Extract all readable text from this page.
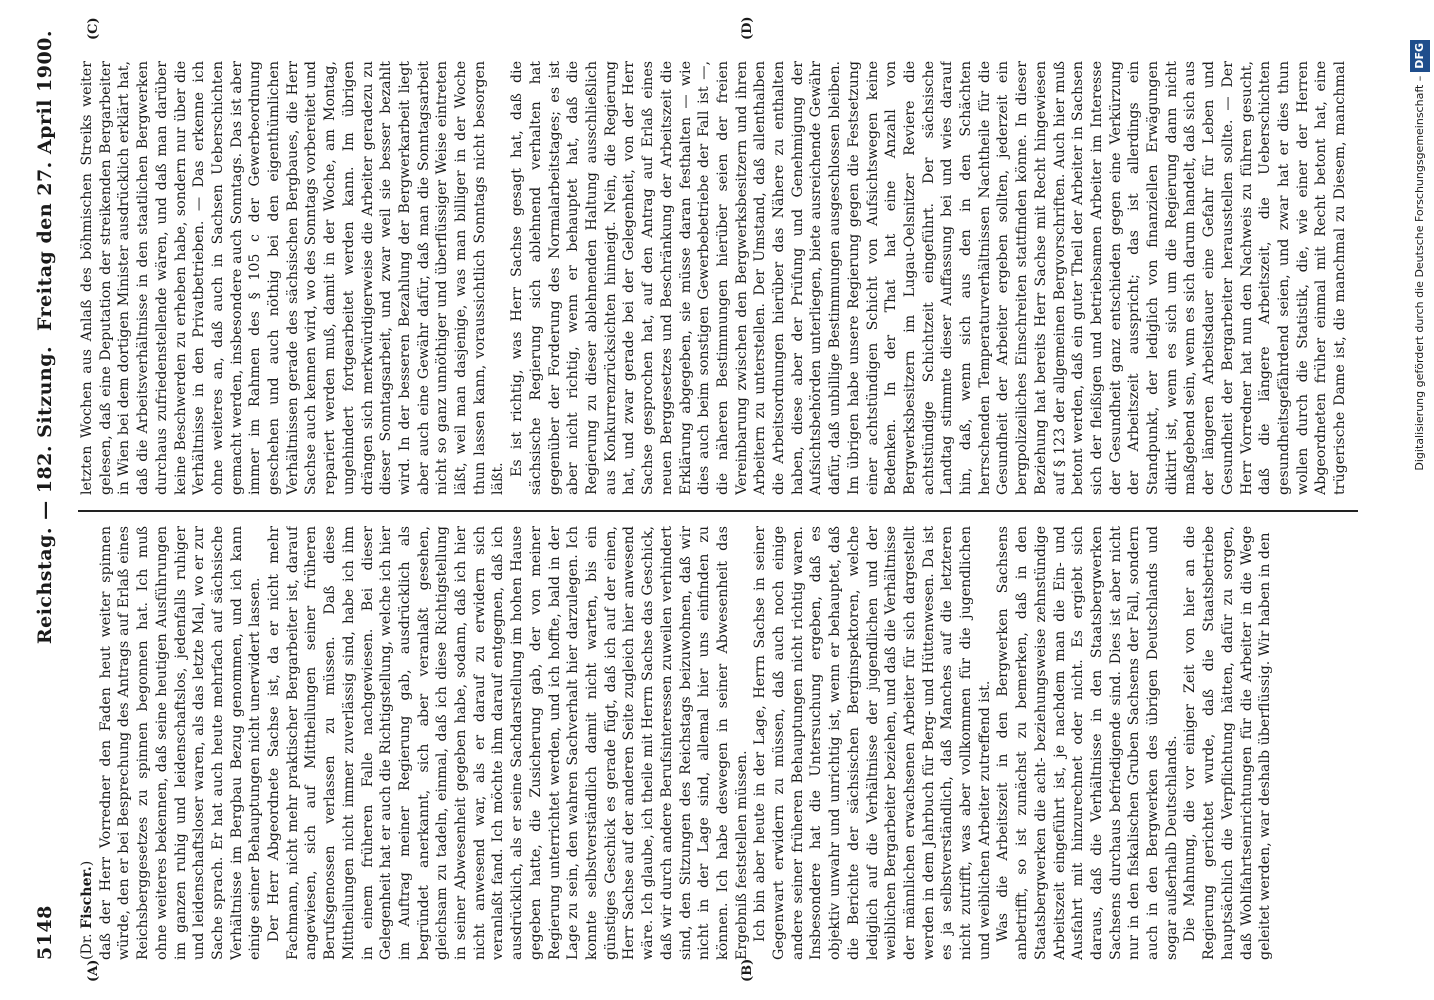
5148
Reichstag. — 182. Sitzung.
Freitag den 27. April 1900.

(Dr. Fischer.) daß der Herr Vorredner den Faden heut weiter spinnen würde, den er bei Besprechung des Antrags auf Erlaß eines Reichsberggesetzes zu spinnen begonnen hat. Ich muß ohne weiteres bekennen, daß seine heutigen Ausführungen im ganzen ruhig und leidenschaftslos, jedenfalls ruhiger und leidenschaftsloser waren, als das letzte Mal, wo er zur Sache sprach. Er hat auch heute mehrfach auf sächsische Verhältnisse im Bergbau Bezug genommen, und ich kann einige seiner Behauptungen nicht unerwidert lassen. Der Herr Abgeordnete Sachse ist, da er nicht mehr Fachmann, nicht mehr praktischer Bergarbeiter ist, darauf angewiesen, sich auf Mittheilungen seiner früheren Berufsgenossen verlassen zu müssen. Daß diese Mittheilungen nicht immer zuverlässig sind, habe ich ihm in einem früheren Falle nachgewiesen. Bei dieser Gelegenheit hat er auch die Richtigstellung, welche ich hier im Auftrag meiner Regierung gab, ausdrücklich als begründet anerkannt, sich aber veranlaßt gesehen, gleichsam zu tadeln, einmal, daß ich diese Richtigstellung in seiner Abwesenheit gegeben habe, sodann, daß ich hier nicht anwesend war, als er darauf zu erwidern sich veranlaßt fand. Ich möchte ihm darauf entgegnen, daß ich ausdrücklich, als er seine Sachdarstellung im hohen Hause gegeben hatte, die Zusicherung gab, der von meiner Regierung unterrichtet werden, und ich hoffte, bald in der Lage zu sein, den wahren Sachverhalt hier darzulegen. Ich konnte selbstverständlich damit nicht warten, bis ein günstiges Geschick es gerade fügt, daß ich auf der einen, Herr Sachse auf der anderen Seite zugleich hier anwesend wäre. Ich glaube, ich theile mit Herrn Sachse das Geschick, daß wir durch andere Berufsinteressen zuweilen verhindert sind, den Sitzungen des Reichstags beizuwohnen, daß wir nicht in der Lage sind, allemal hier uns einfinden zu können. Ich habe deswegen in seiner Abwesenheit das Ergebniß feststellen müssen. Ich bin aber heute in der Lage, Herrn Sachse in seiner Gegenwart erwidern zu müssen, daß auch noch einige andere seiner früheren Behauptungen nicht richtig waren. Insbesondere hat die Untersuchung ergeben, daß es objektiv unwahr und unrichtig ist, wenn er behauptet, daß die Berichte der sächsischen Berginspektoren, welche lediglich auf die Verhältnisse der jugendlichen und der weiblichen Bergarbeiter beziehen, und daß die Verhältnisse der männlichen erwachsenen Arbeiter für sich dargestellt werden in dem Jahrbuch für Berg- und Hüttenwesen. Da ist es ja selbstverständlich, daß Manches auf die letzteren nicht zutrifft, was aber vollkommen für die jugendlichen und weiblichen Arbeiter zutreffend ist. Was die Arbeitszeit in den Bergwerken Sachsens anbetrifft, so ist zunächst zu bemerken, daß in den Staatsbergwerken die acht- beziehungsweise zehnstündige Arbeitszeit eingeführt ist, je nachdem man die Ein- und Ausfahrt mit hinzurechnet oder nicht. Es ergiebt sich daraus, daß die Verhältnisse in den Staatsbergwerken Sachsens durchaus befriedigende sind. Dies ist aber nicht nur in den fiskalischen Gruben Sachsens der Fall, sondern auch in den Bergwerken des übrigen Deutschlands und sogar außerhalb Deutschlands. Die Mahnung, die vor einiger Zeit von hier an die Regierung gerichtet wurde, daß die Staatsbetriebe hauptsächlich die Verpflichtung hätten, dafür zu sorgen, daß Wohlfahrtseinrichtungen für die Arbeiter in die Wege geleitet werden, war deshalb überflüssig. Wir haben in den

letzten Wochen aus Anlaß des böhmischen Streiks weiter gelesen, daß eine Deputation der streikenden Bergarbeiter in Wien bei dem dortigen Minister ausdrücklich erklärt hat, daß die Arbeitsverhältnisse in den staatlichen Bergwerken durchaus zufriedenstellende wären, und daß man darüber keine Beschwerden zu erheben habe, sondern nur über die Verhältnisse in den Privatbetrieben. — Das erkenne ich ohne weiteres an, daß auch in Sachsen Ueberschichten gemacht werden, insbesondere auch Sonntags. Das ist aber immer im Rahmen des § 105 c der Gewerbeordnung geschehen und auch nöthig bei den eigenthümlichen Verhältnissen gerade des sächsischen Bergbaues, die Herr Sachse auch kennen wird, wo des Sonntags vorbereitet und repariert werden muß, damit in der Woche, am Montag, ungehindert fortgearbeitet werden kann. Im übrigen drängen sich merkwürdigerweise die Arbeiter geradezu zu dieser Sonntagsarbeit, und zwar weil sie besser bezahlt wird. In der besseren Bezahlung der Bergwerkarbeit liegt aber auch eine Gewähr dafür, daß man die Sonntagsarbeit nicht so ganz unnöthiger und überflüssiger Weise eintreten läßt, weil man dasjenige, was man billiger in der Woche thun lassen kann, voraussichtlich Sonntags nicht besorgen läßt. Es ist richtig, was Herr Sachse gesagt hat, daß die sächsische Regierung sich ablehnend verhalten hat gegenüber der Forderung des Normalarbeitstages; es ist aber nicht richtig, wenn er behauptet hat, daß die Regierung zu dieser ablehnenden Haltung ausschließlich aus Konkurrenzrücksichten hinneigt. Nein, die Regierung hat, und zwar gerade bei der Gelegenheit, von der Herr Sachse gesprochen hat, auf den Antrag auf Erlaß eines neuen Berggesetzes und Beschränkung der Arbeitszeit die Erklärung abgegeben, sie müsse daran festhalten — wie dies auch beim sonstigen Gewerbebetriebe der Fall ist —, die näheren Bestimmungen hierüber seien der freien Vereinbarung zwischen den Bergwerksbesitzern und ihren Arbeitern zu unterstellen. Der Umstand, daß allenthalben die Arbeitsordnungen hierüber das Nähere zu enthalten haben, diese aber der Prüfung und Genehmigung der Aufsichtsbehörden unterliegen, biete ausreichende Gewähr dafür, daß unbillige Bestimmungen ausgeschlossen bleiben. Im übrigen habe unsere Regierung gegen die Festsetzung einer achtstündigen Schicht von Aufsichtswegen keine Bedenken. In der That hat eine Anzahl von Bergwerksbesitzern im Lugau-Oelsnitzer Reviere die achtstündige Schichtzeit eingeführt. Der sächsische Landtag stimmte dieser Auffassung bei und wies darauf hin, daß, wenn sich aus den in den Schächten herrschenden Temperaturverhältnissen Nachtheile für die Gesundheit der Arbeiter ergeben sollten, jederzeit ein bergpolizeiliches Einschreiten stattfinden könne. In dieser Beziehung hat bereits Herr Sachse mit Recht hingewiesen auf § 123 der allgemeinen Bergvorschriften. Auch hier muß betont werden, daß ein guter Theil der Arbeiter in Sachsen sich der fleißigen und betriebsamen Arbeiter im Interesse der Gesundheit ganz entschieden gegen eine Verkürzung der Arbeitszeit ausspricht; das ist allerdings ein Standpunkt, der lediglich von finanziellen Erwägungen diktirt ist, wenn es sich um die Regierung dann nicht maßgebend sein, wenn es sich darum handelt, daß sich aus der längeren Arbeitsdauer eine Gefahr für Leben und Gesundheit der Bergarbeiter herausstellen sollte. — Der Herr Vorredner hat nun den Nachweis zu führen gesucht, daß die längere Arbeitszeit, die Ueberschichten gesundheitsgefährdend seien, und zwar hat er dies thun wollen durch die Statistik, die, wie einer der Herren Abgeordneten früher einmal mit Recht betont hat, eine trügerische Dame ist, die manchmal zu Diesem, manchmal

(A)	(B)
(C)	(D)
Digitalisierung gefördert durch die Deutsche Forschungsgemeinschaft –DFG
